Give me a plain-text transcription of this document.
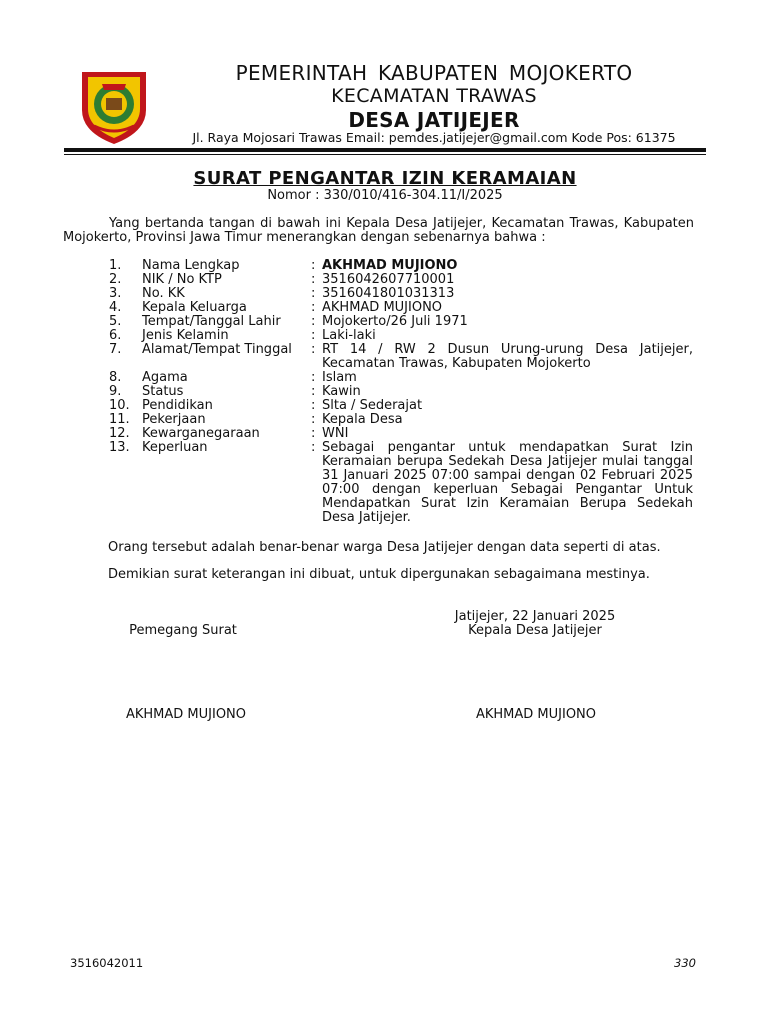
PEMERINTAH KABUPATEN MOJOKERTO
KECAMATAN TRAWAS
DESA JATIJEJER
Jl. Raya Mojosari Trawas Email: pemdes.jatijejer@gmail.com Kode Pos: 61375
SURAT PENGANTAR IZIN KERAMAIAN
Nomor : 330/010/416-304.11/I/2025
Yang bertanda tangan di bawah ini Kepala Desa Jatijejer, Kecamatan Trawas, Kabupaten Mojokerto, Provinsi Jawa Timur menerangkan dengan sebenarnya bahwa :
1. Nama Lengkap	: AKHMAD MUJIONO
2. NIK / No KTP	: 3516042607710001
3. No. KK	: 3516041801031313
4. Kepala Keluarga	: AKHMAD MUJIONO
5. Tempat/Tanggal Lahir	: Mojokerto/26 Juli 1971
6. Jenis Kelamin	: Laki-laki
7. Alamat/Tempat Tinggal	: RT 14 / RW 2 Dusun Urung-urung Desa Jatijejer, Kecamatan Trawas, Kabupaten Mojokerto
8. Agama	: Islam
9. Status	: Kawin
10. Pendidikan	: Slta / Sederajat
11. Pekerjaan	: Kepala Desa
12. Kewarganegaraan	: WNI
13. Keperluan	: Sebagai pengantar untuk mendapatkan Surat Izin Keramaian berupa Sedekah Desa Jatijejer mulai tanggal 31 Januari 2025 07:00 sampai dengan 02 Februari 2025 07:00 dengan keperluan Sebagai Pengantar Untuk Mendapatkan Surat Izin Keramaian Berupa Sedekah Desa Jatijejer.
Orang tersebut adalah benar-benar warga Desa Jatijejer dengan data seperti di atas.
Demikian surat keterangan ini dibuat, untuk dipergunakan sebagaimana mestinya.
Jatijejer, 22 Januari 2025
Kepala Desa Jatijejer
Pemegang Surat
AKHMAD MUJIONO	AKHMAD MUJIONO
3516042011	330
